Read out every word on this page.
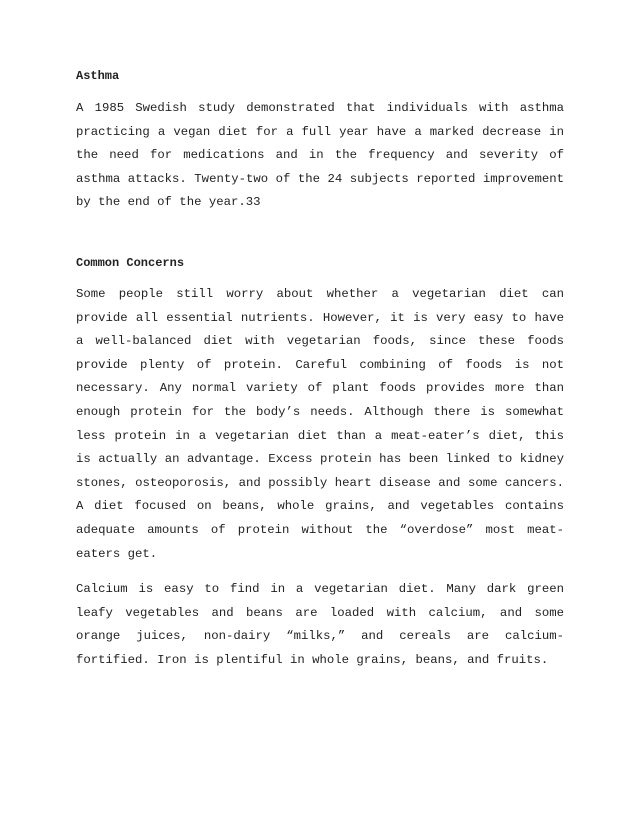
Asthma

A 1985 Swedish study demonstrated that individuals with asthma practicing a vegan diet for a full year have a marked decrease in the need for medications and in the frequency and severity of asthma attacks. Twenty-two of the 24 subjects reported improvement by the end of the year.33

Common Concerns

Some people still worry about whether a vegetarian diet can provide all essential nutrients. However, it is very easy to have a well-balanced diet with vegetarian foods, since these foods provide plenty of protein. Careful combining of foods is not necessary. Any normal variety of plant foods provides more than enough protein for the body’s needs. Although there is somewhat less protein in a vegetarian diet than a meat-eater’s diet, this is actually an advantage. Excess protein has been linked to kidney stones, osteoporosis, and possibly heart disease and some cancers. A diet focused on beans, whole grains, and vegetables contains adequate amounts of protein without the “overdose” most meat-eaters get.

Calcium is easy to find in a vegetarian diet. Many dark green leafy vegetables and beans are loaded with calcium, and some orange juices, non-dairy “milks,” and cereals are calcium-fortified. Iron is plentiful in whole grains, beans, and fruits.
